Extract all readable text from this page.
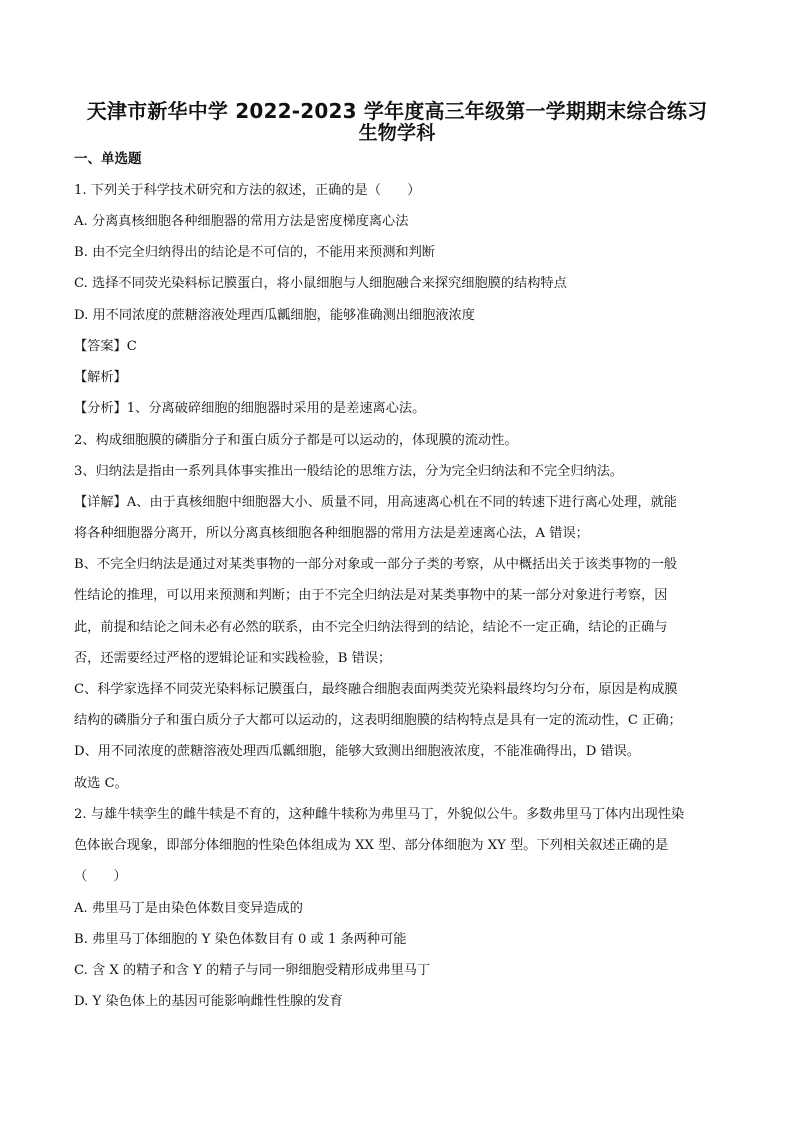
天津市新华中学 2022-2023 学年度高三年级第一学期期末综合练习
生物学科
一、单选题
1. 下列关于科学技术研究和方法的叙述，正确的是（　　）
A. 分离真核细胞各种细胞器的常用方法是密度梯度离心法
B. 由不完全归纳得出的结论是不可信的，不能用来预测和判断
C. 选择不同荧光染料标记膜蛋白，将小鼠细胞与人细胞融合来探究细胞膜的结构特点
D. 用不同浓度的蔗糖溶液处理西瓜瓤细胞，能够准确测出细胞液浓度
【答案】C
【解析】
【分析】1、分离破碎细胞的细胞器时采用的是差速离心法。
2、构成细胞膜的磷脂分子和蛋白质分子都是可以运动的，体现膜的流动性。
3、归纳法是指由一系列具体事实推出一般结论的思维方法，分为完全归纳法和不完全归纳法。
【详解】A、由于真核细胞中细胞器大小、质量不同，用高速离心机在不同的转速下进行离心处理，就能
将各种细胞器分离开，所以分离真核细胞各种细胞器的常用方法是差速离心法，A 错误；
B、不完全归纳法是通过对某类事物的一部分对象或一部分子类的考察，从中概括出关于该类事物的一般
性结论的推理，可以用来预测和判断；由于不完全归纳法是对某类事物中的某一部分对象进行考察，因
此，前提和结论之间未必有必然的联系，由不完全归纳法得到的结论，结论不一定正确，结论的正确与
否，还需要经过严格的逻辑论证和实践检验，B 错误；
C、科学家选择不同荧光染料标记膜蛋白，最终融合细胞表面两类荧光染料最终均匀分布，原因是构成膜
结构的磷脂分子和蛋白质分子大都可以运动的，这表明细胞膜的结构特点是具有一定的流动性，C 正确；
D、用不同浓度的蔗糖溶液处理西瓜瓤细胞，能够大致测出细胞液浓度，不能准确得出，D 错误。
故选 C。
2. 与雄牛犊孪生的雌牛犊是不育的，这种雌牛犊称为弗里马丁，外貌似公牛。多数弗里马丁体内出现性染
色体嵌合现象，即部分体细胞的性染色体组成为 XX 型、部分体细胞为 XY 型。下列相关叙述正确的是
（　　）
A. 弗里马丁是由染色体数目变异造成的
B. 弗里马丁体细胞的 Y 染色体数目有 0 或 1 条两种可能
C. 含 X 的精子和含 Y 的精子与同一卵细胞受精形成弗里马丁
D. Y 染色体上的基因可能影响雌性性腺的发育
